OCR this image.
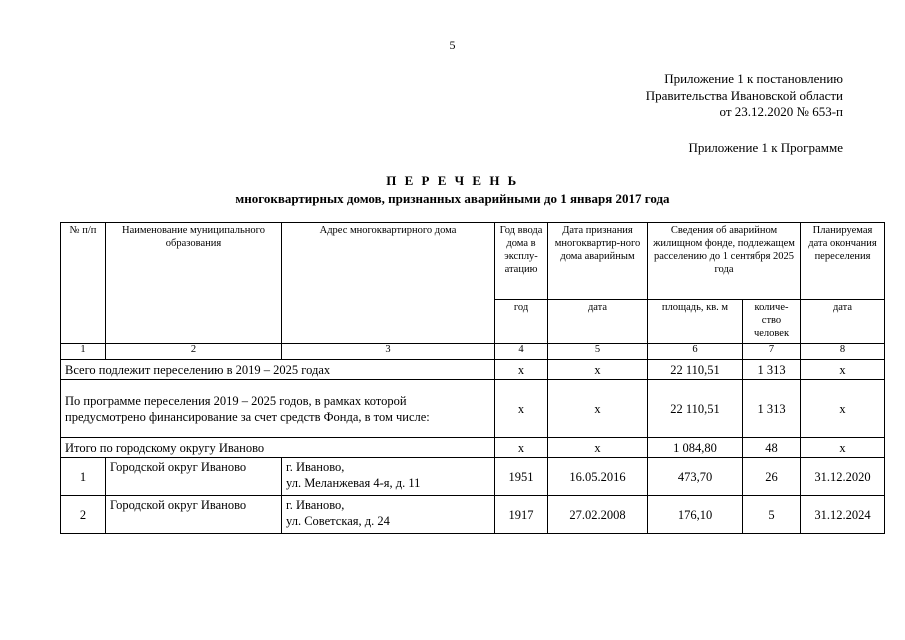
5
Приложение 1 к постановлению
Правительства Ивановской области
от 23.12.2020 № 653-п
Приложение 1 к Программе
П Е Р Е Ч Е Н Ь
многоквартирных домов, признанных аварийными до 1 января 2017 года
№ п/п	Наименование муниципального образования	Адрес многоквартирного дома	Год ввода дома в эксплу-атацию	Дата признания многоквартир-ного дома аварийным	Сведения об аварийном жилищном фонде, подлежащем расселению до 1 сентября 2025 года		Планируемая дата окончания переселения
			год	дата	площадь, кв. м	количе-ство человек	дата
1	2	3	4	5	6	7	8
Всего подлежит переселению в 2019 – 2025 годах			х	х	22 110,51	1 313	х
По программе переселения 2019 – 2025 годов, в рамках которой предусмотрено финансирование за счет средств Фонда, в том числе:			х	х	22 110,51	1 313	х
Итого по городскому округу Иваново			х	х	1 084,80	48	х
1	Городской округ Иваново	г. Иваново,
ул. Меланжевая 4-я, д. 11	1951	16.05.2016	473,70	26	31.12.2020
2	Городской округ Иваново	г. Иваново,
ул. Советская, д. 24	1917	27.02.2008	176,10	5	31.12.2024
